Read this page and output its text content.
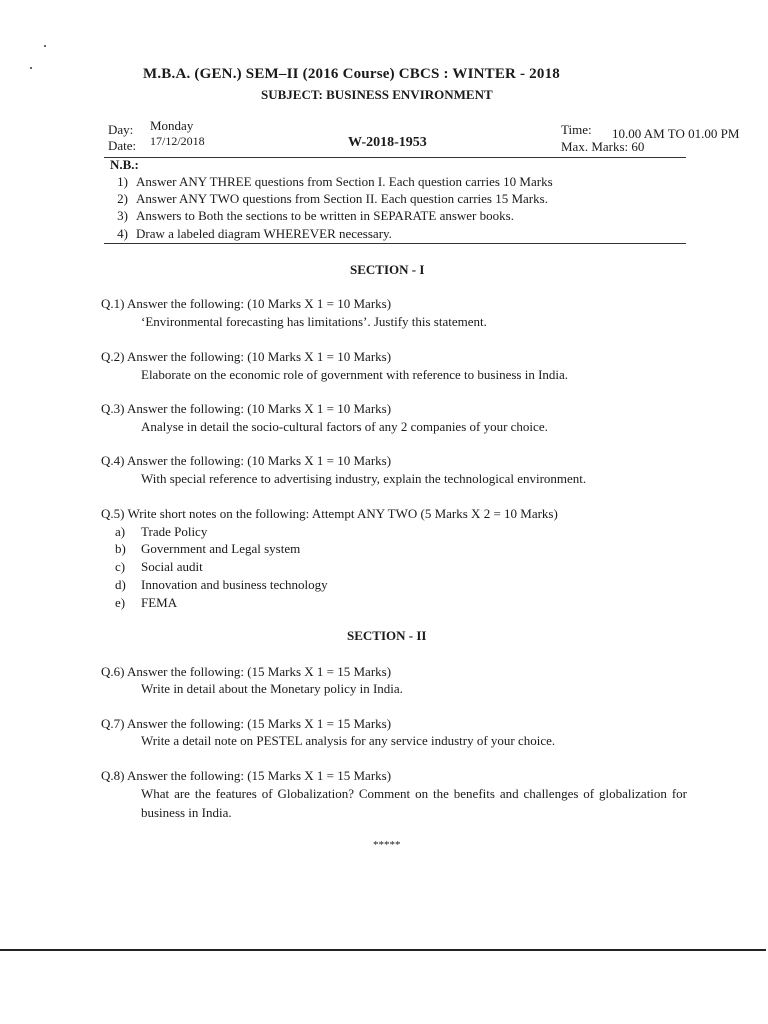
M.B.A. (GEN.) SEM–II (2016 Course) CBCS : WINTER - 2018
SUBJECT: BUSINESS ENVIRONMENT
Day: Monday
Date: 17/12/2018	W-2018-1953
Time: 10.00 AM TO 01.00 PM
Max. Marks: 60
N.B.:
1) Answer ANY THREE questions from Section I. Each question carries 10 Marks
2) Answer ANY TWO questions from Section II. Each question carries 15 Marks.
3) Answers to Both the sections to be written in SEPARATE answer books.
4) Draw a labeled diagram WHEREVER necessary.
SECTION - I
Q.1) Answer the following: (10 Marks X 1 = 10 Marks)
‘Environmental forecasting has limitations’. Justify this statement.
Q.2) Answer the following: (10 Marks X 1 = 10 Marks)
Elaborate on the economic role of government with reference to business in India.
Q.3) Answer the following: (10 Marks X 1 = 10 Marks)
Analyse in detail the socio-cultural factors of any 2 companies of your choice.
Q.4) Answer the following: (10 Marks X 1 = 10 Marks)
With special reference to advertising industry, explain the technological environment.
Q.5) Write short notes on the following: Attempt ANY TWO (5 Marks X 2 = 10 Marks)
a) Trade Policy
b) Government and Legal system
c) Social audit
d) Innovation and business technology
e) FEMA
SECTION - II
Q.6) Answer the following: (15 Marks X 1 = 15 Marks)
Write in detail about the Monetary policy in India.
Q.7) Answer the following: (15 Marks X 1 = 15 Marks)
Write a detail note on PESTEL analysis for any service industry of your choice.
Q.8) Answer the following: (15 Marks X 1 = 15 Marks)
What are the features of Globalization? Comment on the benefits and challenges of globalization for business in India.
*****
